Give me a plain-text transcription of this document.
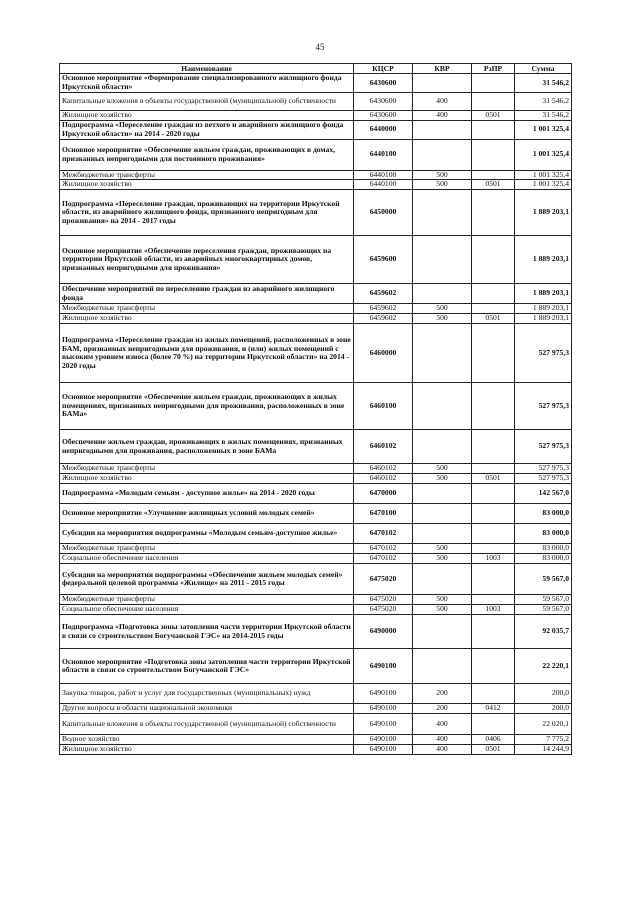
45
Наименование	КЦСР	КВР	РзПР	Сумма
Основное мероприятие «Формирование специализированного жилищного фонда Иркутской области»	6430600			31 546,2
Капитальные вложения в объекты государственной (муниципальной) собственности	6430600	400		31 546,2
Жилищное хозяйство	6430600	400	0501	31 546,2
Подпрограмма «Переселение граждан из ветхого и аварийного жилищного фонда Иркутской области» на 2014 - 2020 годы	6440000			1 001 325,4
Основное мероприятие «Обеспечение жильем граждан, проживающих в домах, признанных непригодными для постоянного проживания»	6440100			1 001 325,4
Межбюджетные трансферты	6440100	500		1 001 325,4
Жилищное хозяйство	6440100	500	0501	1 001 325,4
Подпрограмма «Переселение граждан, проживающих на территории Иркутской области, из аварийного жилищного фонда, признанного непригодным для проживания» на 2014 - 2017 годы	6450000			1 889 203,1
Основное мероприятие «Обеспечение переселения граждан, проживающих на территории Иркутской области, из аварийных многоквартирных домов, признанных непригодными для проживания»	6459600			1 889 203,1
Обеспечение мероприятий по переселению граждан из аварийного жилищного фонда	6459602			1 889 203,1
Межбюджетные трансферты	6459602	500		1 889 203,1
Жилищное хозяйство	6459602	500	0501	1 889 203,1
Подпрограмма «Переселение граждан из жилых помещений, расположенных в зоне БАМ, признанных непригодными для проживания, и (или) жилых помещений с высоким уровнем износа (более 70 %) на территории Иркутской области» на 2014 - 2020 годы	6460000			527 975,3
Основное мероприятие «Обеспечение жильем граждан, проживающих в жилых помещениях, признанных непригодными для проживания, расположенных в зоне БАМа»	6460100			527 975,3
Обеспечение жильем граждан, проживающих в жилых помещениях, признанных непригодными для проживания, расположенных в зоне БАМа	6460102			527 975,3
Межбюджетные трансферты	6460102	500		527 975,3
Жилищное хозяйство	6460102	500	0501	527 975,3
Подпрограмма «Молодым семьям - доступное жилье» на 2014 - 2020 годы	6470000			142 567,0
Основное мероприятие «Улучшение жилищных условий молодых семей»	6470100			83 000,0
Субсидии на мероприятия подпрограммы «Молодым семьям-доступное жилье»	6470102			83 000,0
Межбюджетные трансферты	6470102	500		83 000,0
Социальное обеспечение населения	6470102	500	1003	83 000,0
Субсидии на мероприятия подпрограммы «Обеспечение жильем молодых семей» федеральной целевой программы «Жилище» на 2011 - 2015 годы	6475020			59 567,0
Межбюджетные трансферты	6475020	500		59 567,0
Социальное обеспечение населения	6475020	500	1003	59 567,0
Подпрограмма «Подготовка зоны затопления части территории Иркутской области в связи со строительством Богучанской ГЭС» на 2014-2015 годы	6490000			92 035,7
Основное мероприятие «Подготовка зоны затопления части территории Иркутской области в связи со строительством Богучанской ГЭС»	6490100			22 220,1
Закупка товаров, работ и услуг для государственных (муниципальных) нужд	6490100	200		200,0
Другие вопросы в области национальной экономики	6490100	200	0412	200,0
Капитальные вложения в объекты государственной (муниципальной) собственности	6490100	400		22 020,1
Водное хозяйство	6490100	400	0406	7 775,2
Жилищное хозяйство	6490100	400	0501	14 244,9
